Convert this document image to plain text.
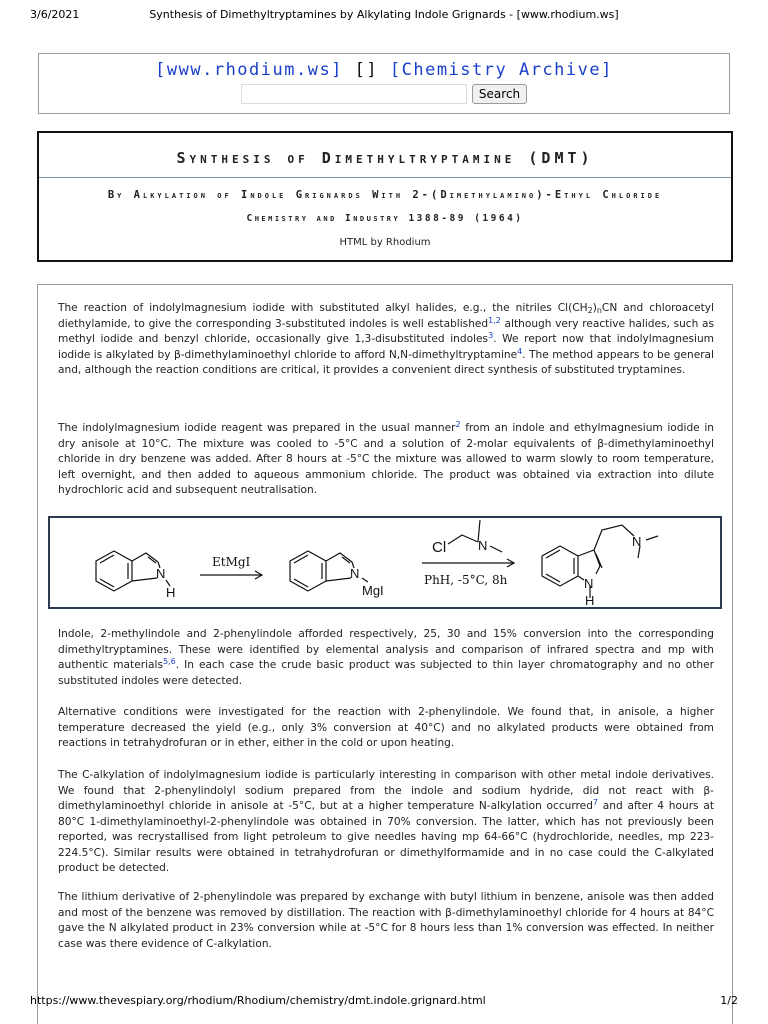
3/6/2021	Synthesis of Dimethyltryptamines by Alkylating Indole Grignards - [www.rhodium.ws]
[www.rhodium.ws] [] [Chemistry Archive]
Search
Synthesis of Dimethyltryptamine (DMT)
By Alkylation of Indole Grignards With 2-(Dimethylamino)-Ethyl Chloride
Chemistry and Industry 1388-89 (1964)
HTML by Rhodium

The reaction of indolylmagnesium iodide with substituted alkyl halides, e.g., the nitriles $Cl(CH_2)_nCN$ and chloroacetyl diethylamide, to give the corresponding 3-substituted indoles is well established$^{1,2}$ although very reactive halides, such as methyl iodide and benzyl chloride, occasionally give 1,3-disubstituted indoles$^3$. We report now that indolylmagnesium iodide is alkylated by β-dimethylaminoethyl chloride to afford N,N-dimethyltryptamine$^4$. The method appears to be general and, although the reaction conditions are critical, it provides a convenient direct synthesis of substituted tryptamines.

The indolylmagnesium iodide reagent was prepared in the usual manner$^2$ from an indole and ethylmagnesium iodide in dry anisole at 10°C. The mixture was cooled to -5°C and a solution of 2-molar equivalents of β-dimethylaminoethyl chloride in dry benzene was added. After 8 hours at -5°C the mixture was allowed to warm slowly to room temperature, left overnight, and then added to aqueous ammonium chloride. The product was obtained via extraction into dilute hydrochloric acid and subsequent neutralisation.

N
H
N
MgI
Cl N	N
N
H
EtMgI
PhH, -5°C, 8h

Indole, 2-methylindole and 2-phenylindole afforded respectively, 25, 30 and 15% conversion into the corresponding dimethyltryptamines. These were identified by elemental analysis and comparison of infrared spectra and mp with authentic materials$^{5,6}$. In each case the crude basic product was subjected to thin layer chromatography and no other substituted indoles were detected.

Alternative conditions were investigated for the reaction with 2-phenylindole. We found that, in anisole, a higher temperature decreased the yield (e.g., only 3% conversion at 40°C) and no alkylated products were obtained from reactions in tetrahydrofuran or in ether, either in the cold or upon heating.

The C-alkylation of indolylmagnesium iodide is particularly interesting in comparison with other metal indole derivatives. We found that 2-phenylindolyl sodium prepared from the indole and sodium hydride, did not react with β-dimethylaminoethyl chloride in anisole at -5°C, but at a higher temperature N-alkylation occurred$^7$ and after 4 hours at 80°C 1-dimethylaminoethyl-2-phenylindole was obtained in 70% conversion. The latter, which has not previously been reported, was recrystallised from light petroleum to give needles having mp 64-66°C (hydrochloride, needles, mp 223-224.5°C). Similar results were obtained in tetrahydrofuran or dimethylformamide and in no case could the C-alkylated product be detected.

The lithium derivative of 2-phenylindole was prepared by exchange with butyl lithium in benzene, anisole was then added and most of the benzene was removed by distillation. The reaction with β-dimethylaminoethyl chloride for 4 hours at 84°C gave the N alkylated product in 23% conversion while at -5°C for 8 hours less than 1% conversion was effected. In neither case was there evidence of C-alkylation.

https://www.thevespiary.org/rhodium/Rhodium/chemistry/dmt.indole.grignard.html	1/2
